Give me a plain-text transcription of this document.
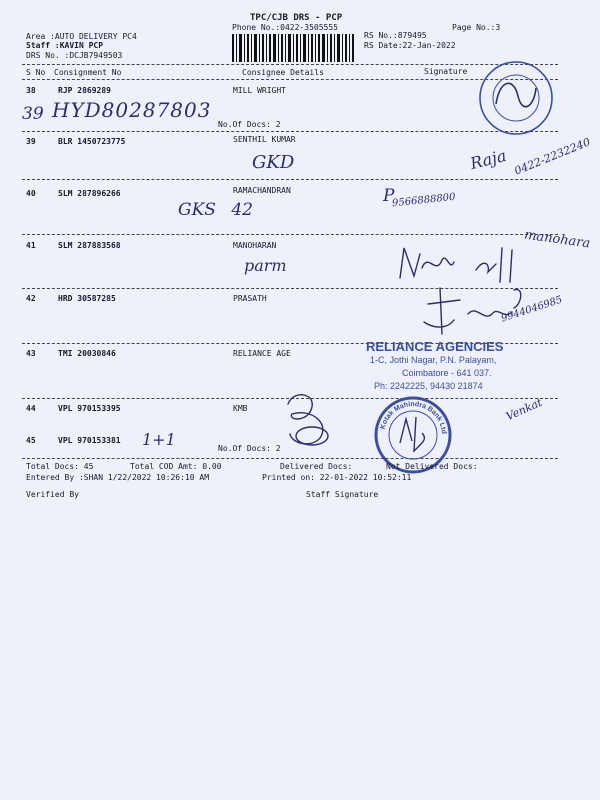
TPC/CJB DRS - PCP
Phone No.:0422-3505555	Page No.:3
Area :AUTO DELIVERY PC4
Staff :KAVIN PCP
DRS No. :DCJB7949503
RS No.:879495
RS Date:22-Jan-2022
S No Consignment No	Consignee Details	Signature
38	RJP 2869289	MILL WRIGHT
No.Of Docs: 2
39 HYD80287803
39	BLR 1450723775	SENTHIL KUMAR
GKD	Raja 0422-2232240
40	SLM 287896266	RAMACHANDRAN
GKS 42
P
9566888800
41	SLM 287883568	MANOHARAN
parm
manohara
42	HRD 30587285	PRASATH	9944046985
43	TMI 20030846	RELIANCE AGE
44	VPL 970153395	KMB	Venkat
45	VPL 970153381
No.Of Docs: 2
1+1
RELIANCE AGENCIES
1-C, Jothi Nagar, P.N. Palayam,
Coimbatore - 641 037.
Ph: 2242225, 94430 21874
Kotak Mahindra Bank Ltd
Total Docs: 45	Total COD Amt: 0.00	Delivered Docs:	Not Delivered Docs:
Entered By :SHAN 1/22/2022 10:26:10 AM	Printed on: 22-01-2022 10:52:11
Verified By	Staff Signature
